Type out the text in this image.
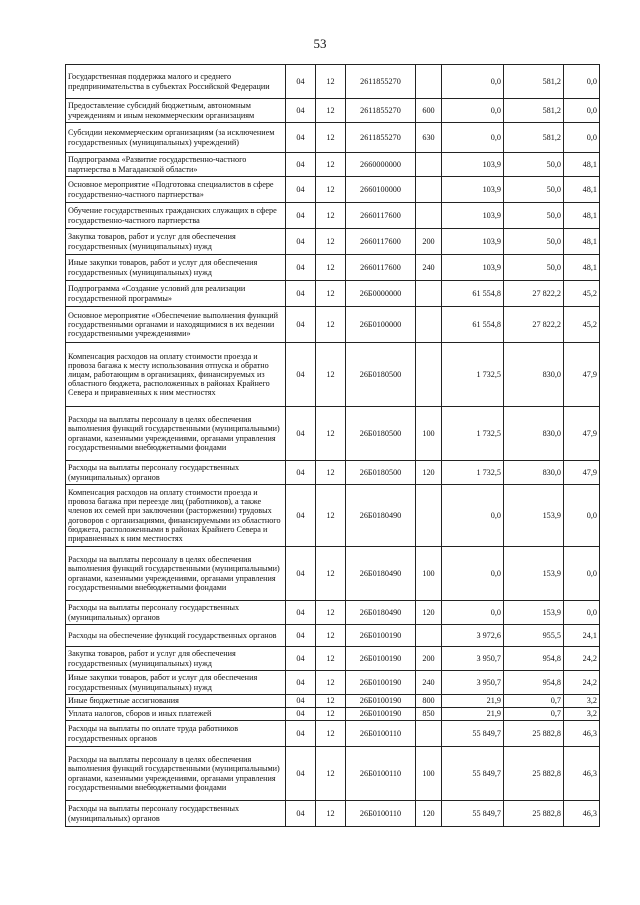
53
Государственная поддержка малого и среднего предпринимательства в субъектах Российской Федерации	04	12	2611855270		0,0	581,2	0,0
Предоставление субсидий бюджетным, автономным учреждениям и иным некоммерческим организациям	04	12	2611855270	600	0,0	581,2	0,0
Субсидии некоммерческим организациям (за исключением государственных (муниципальных) учреждений)	04	12	2611855270	630	0,0	581,2	0,0
Подпрограмма «Развитие государственно-частного партнерства в Магаданской области»	04	12	2660000000		103,9	50,0	48,1
Основное мероприятие «Подготовка специалистов в сфере государственно-частного партнерства»	04	12	2660100000		103,9	50,0	48,1
Обучение государственных гражданских служащих в сфере государственно-частного партнерства	04	12	2660117600		103,9	50,0	48,1
Закупка товаров, работ и услуг для обеспечения государственных (муниципальных) нужд	04	12	2660117600	200	103,9	50,0	48,1
Иные закупки товаров, работ и услуг для обеспечения государственных (муниципальных) нужд	04	12	2660117600	240	103,9	50,0	48,1
Подпрограмма «Создание условий для реализации государственной программы»	04	12	26Б0000000		61 554,8	27 822,2	45,2
Основное мероприятие «Обеспечение выполнения функций государственными органами и находящимися в их ведении государственными учреждениями»	04	12	26Б0100000		61 554,8	27 822,2	45,2
Компенсация расходов на оплату стоимости проезда и провоза багажа к месту использования отпуска и обратно лицам, работающим в организациях, финансируемых из областного бюджета, расположенных в районах Крайнего Севера и приравненных к ним местностях	04	12	26Б0180500		1 732,5	830,0	47,9
Расходы на выплаты персоналу в целях обеспечения выполнения функций государственными (муниципальными) органами, казенными учреждениями, органами управления государственными внебюджетными фондами	04	12	26Б0180500	100	1 732,5	830,0	47,9
Расходы на выплаты персоналу государственных (муниципальных) органов	04	12	26Б0180500	120	1 732,5	830,0	47,9
Компенсация расходов на оплату стоимости проезда и провоза багажа при переезде лиц (работников), а также членов их семей при заключении (расторжении) трудовых договоров с организациями, финансируемыми из областного бюджета, расположенными в районах Крайнего Севера и приравненных к ним местностях	04	12	26Б0180490		0,0	153,9	0,0
Расходы на выплаты персоналу в целях обеспечения выполнения функций государственными (муниципальными) органами, казенными учреждениями, органами управления государственными внебюджетными фондами	04	12	26Б0180490	100	0,0	153,9	0,0
Расходы на выплаты персоналу государственных (муниципальных) органов	04	12	26Б0180490	120	0,0	153,9	0,0
Расходы на обеспечение функций государственных органов	04	12	26Б0100190		3 972,6	955,5	24,1
Закупка товаров, работ и услуг для обеспечения государственных (муниципальных) нужд	04	12	26Б0100190	200	3 950,7	954,8	24,2
Иные закупки товаров, работ и услуг для обеспечения государственных (муниципальных) нужд	04	12	26Б0100190	240	3 950,7	954,8	24,2
Иные бюджетные ассигнования	04	12	26Б0100190	800	21,9	0,7	3,2
Уплата налогов, сборов и иных платежей	04	12	26Б0100190	850	21,9	0,7	3,2
Расходы на выплаты по оплате труда работников государственных органов	04	12	26Б0100110		55 849,7	25 882,8	46,3
Расходы на выплаты персоналу в целях обеспечения выполнения функций государственными (муниципальными) органами, казенными учреждениями, органами управления государственными внебюджетными фондами	04	12	26Б0100110	100	55 849,7	25 882,8	46,3
Расходы на выплаты персоналу государственных (муниципальных) органов	04	12	26Б0100110	120	55 849,7	25 882,8	46,3
